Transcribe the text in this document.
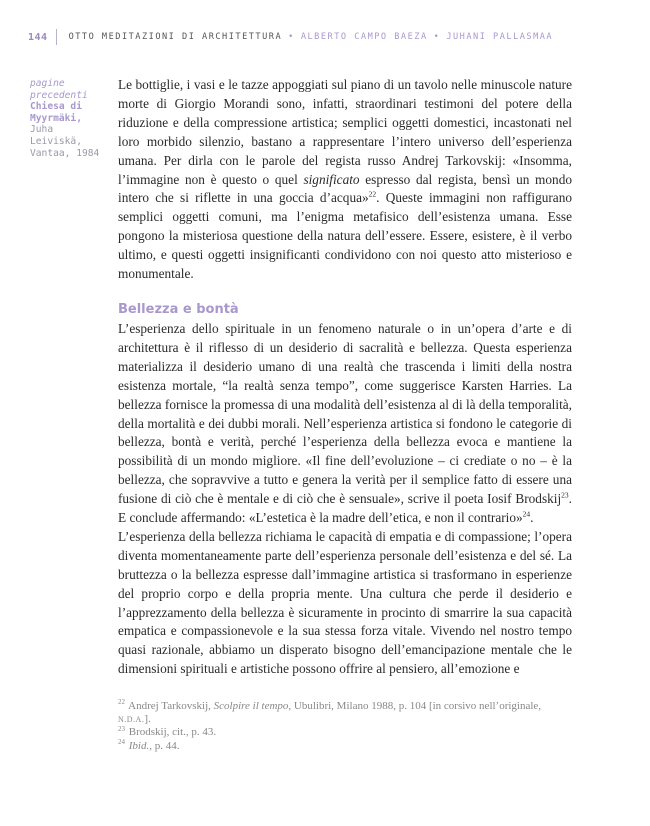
144 OTTO MEDITAZIONI DI ARCHITETTURA • ALBERTO CAMPO BAEZA • JUHANI PALLASMAA
pagine precedenti
Chiesa di Myyrmäki, Juha Leiviskä, Vantaa, 1984

Le bottiglie, i vasi e le tazze appoggiati sul piano di un tavolo nelle minuscole nature morte di Giorgio Morandi sono, infatti, straordinari testimoni del potere della riduzione e della compressione artistica; semplici oggetti domestici, incastonati nel loro morbido silenzio, bastano a rappresentare l’intero universo dell’esperienza umana. Per dirla con le parole del regista russo Andrej Tarkovskij: «Insomma, l’immagine non è questo o quel significato espresso dal regista, bensì un mondo intero che si riflette in una goccia d’acqua»$^{22}$. Queste immagini non raffigurano semplici oggetti comuni, ma l’enigma metafisico dell’esistenza umana. Esse pongono la misteriosa questione della natura dell’essere. Essere, esistere, è il verbo ultimo, e questi oggetti insignificanti condividono con noi questo atto misterioso e monumentale.

Bellezza e bontà

L’esperienza dello spirituale in un fenomeno naturale o in un’opera d’arte e di architettura è il riflesso di un desiderio di sacralità e bellezza. Questa esperienza materializza il desiderio umano di una realtà che trascenda i limiti della nostra esistenza mortale, “la realtà senza tempo”, come suggerisce Karsten Harries. La bellezza fornisce la promessa di una modalità dell’esistenza al di là della temporalità, della mortalità e dei dubbi morali. Nell’esperienza artistica si fondono le categorie di bellezza, bontà e verità, perché l’esperienza della bellezza evoca e mantiene la possibilità di un mondo migliore. «Il fine dell’evoluzione – ci crediate o no – è la bellezza, che sopravvive a tutto e genera la verità per il semplice fatto di essere una fusione di ciò che è mentale e di ciò che è sensuale», scrive il poeta Iosif Brodskij$^{23}$. E conclude affermando: «L’estetica è la madre dell’etica, e non il contrario»$^{24}$.

L’esperienza della bellezza richiama le capacità di empatia e di compassione; l’opera diventa momentaneamente parte dell’esperienza personale dell’esistenza e del sé. La bruttezza o la bellezza espresse dall’immagine artistica si trasformano in esperienze del proprio corpo e della propria mente. Una cultura che perde il desiderio e l’apprezzamento della bellezza è sicuramente in procinto di smarrire la sua capacità empatica e compassionevole e la sua stessa forza vitale. Vivendo nel nostro tempo quasi razionale, abbiamo un disperato bisogno dell’emancipazione mentale che le dimensioni spirituali e artistiche possono offrire al pensiero, all’emozione e

$^{22}$ Andrej Tarkovskij, Scolpire il tempo, Ubulibri, Milano 1988, p. 104 [in corsivo nell’originale, N.D.A.].

$^{23}$ Brodskij, cit., p. 43.

$^{24}$ Ibid., p. 44.
